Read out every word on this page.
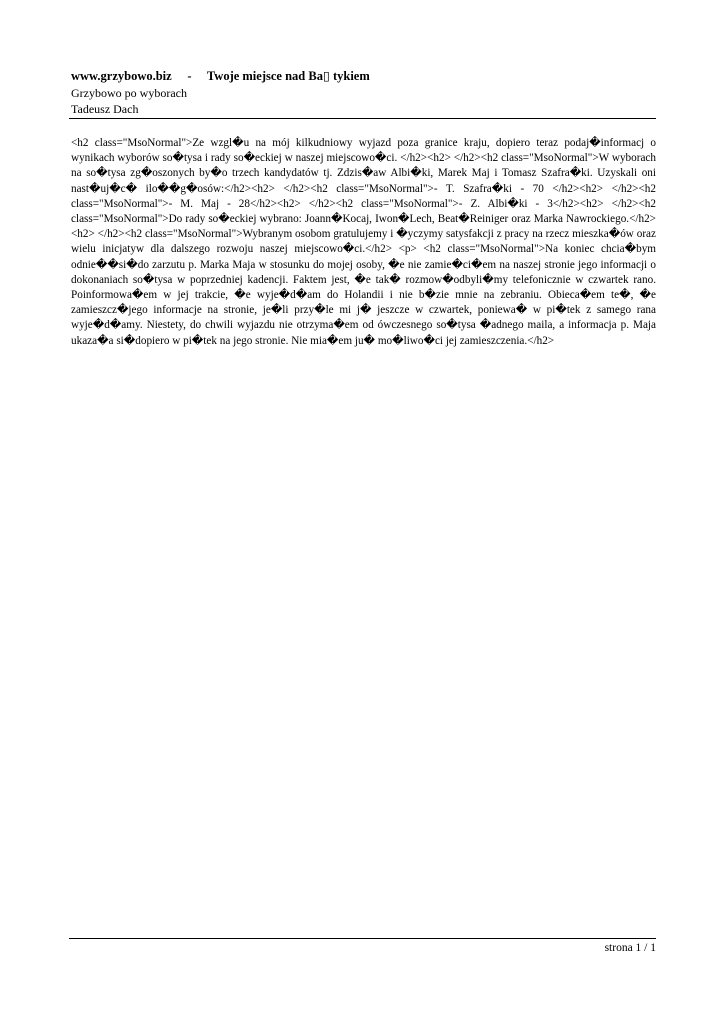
www.grzybowo.biz     -     Twoje miejsce nad Ba▯ tykiem
Grzybowo po wyborach
Tadeusz Dach

<h2 class="MsoNormal">Ze wzgl�u na mój kilkudniowy wyjazd poza granice kraju, dopiero teraz podaj�informacj o wynikach wyborów so�tysa i rady so�eckiej w naszej miejscowo�ci. </h2><h2> </h2><h2 class="MsoNormal">W wyborach na so�tysa zg�oszonych by�o trzech kandydatów tj. Zdzis�aw Albi�ki, Marek Maj i Tomasz Szafra�ki. Uzyskali oni nast�uj�c� ilo��g�osów:</h2><h2> </h2><h2 class="MsoNormal">- T. Szafra�ki - 70 </h2><h2> </h2><h2 class="MsoNormal">- M. Maj - 28</h2><h2> </h2><h2 class="MsoNormal">- Z. Albi�ki - 3</h2><h2> </h2><h2 class="MsoNormal">Do rady so�eckiej wybrano: Joann�Kocaj, Iwon�Lech, Beat�Reiniger oraz Marka Nawrockiego.</h2><h2> </h2><h2 class="MsoNormal">Wybranym osobom gratulujemy i �yczymy satysfakcji z pracy na rzecz mieszka�ów oraz wielu inicjatyw dla dalszego rozwoju naszej miejscowo�ci.</h2> <p> <h2 class="MsoNormal">Na koniec chcia�bym odnie��si�do zarzutu p. Marka Maja w stosunku do mojej osoby, �e nie zamie�ci�em na naszej stronie jego informacji o dokonaniach so�tysa w poprzedniej kadencji. Faktem jest, �e tak� rozmow�odbyli�my telefonicznie w czwartek rano. Poinformowa�em w jej trakcie, �e wyje�d�am do Holandii i nie b�zie mnie na zebraniu. Obieca�em te�, �e zamieszcz�jego informacje na stronie, je�li przy�le mi j� jeszcze w czwartek, poniewa� w pi�tek z samego rana wyje�d�amy. Niestety, do chwili wyjazdu nie otrzyma�em od ówczesnego so�tysa �adnego maila, a informacja p. Maja ukaza�a si�dopiero w pi�tek na jego stronie. Nie mia�em ju� mo�liwo�ci jej zamieszczenia.</h2>

strona 1 / 1
